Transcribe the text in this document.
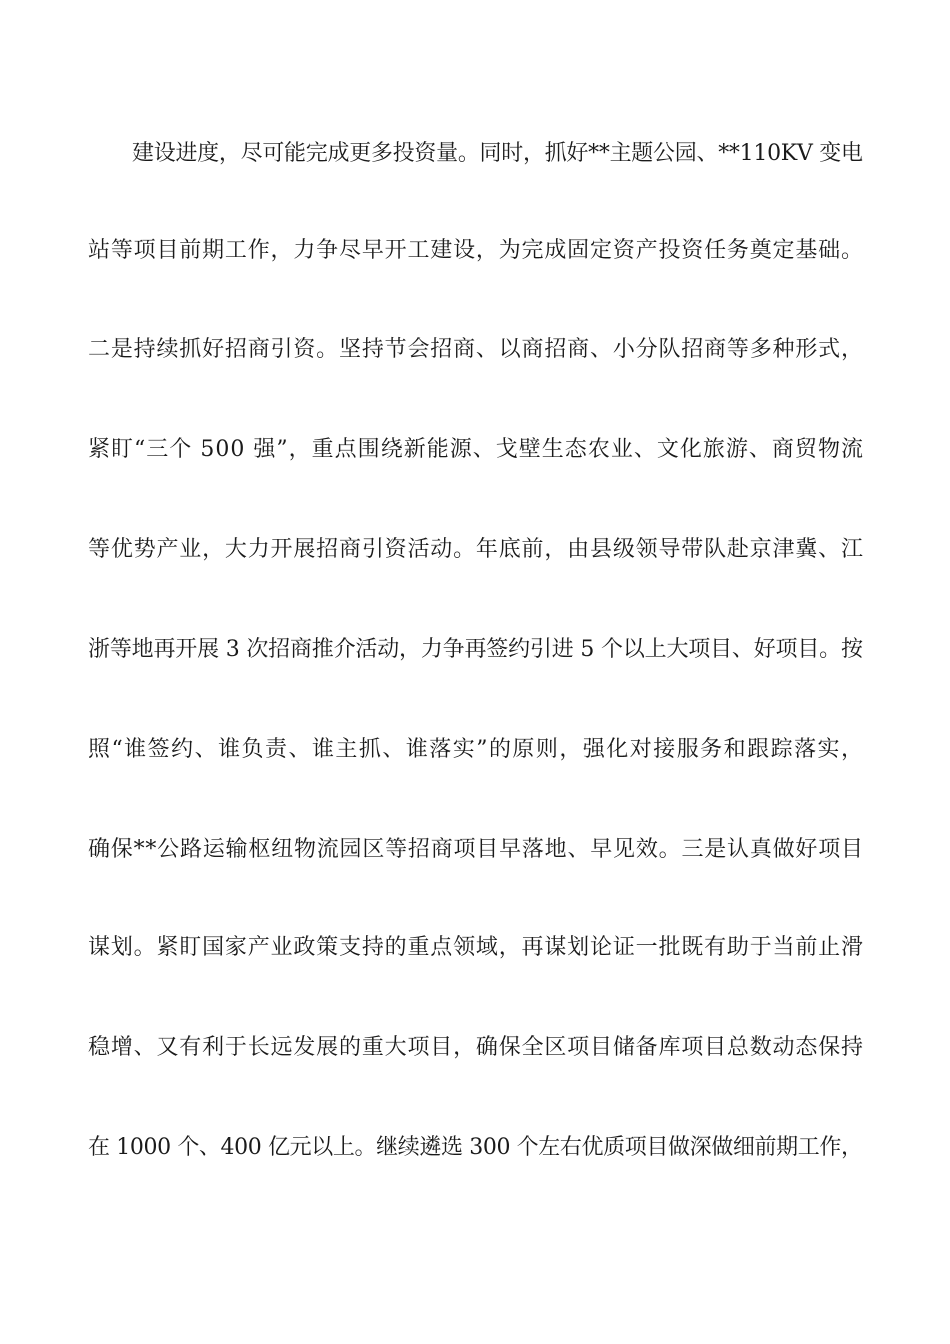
建设进度，尽可能完成更多投资量。同时，抓好**主题公园、**110KV 变电
站等项目前期工作，力争尽早开工建设，为完成固定资产投资任务奠定基础。
二是持续抓好招商引资。坚持节会招商、以商招商、小分队招商等多种形式，
紧盯“三个 500 强”，重点围绕新能源、戈壁生态农业、文化旅游、商贸物流
等优势产业，大力开展招商引资活动。年底前，由县级领导带队赴京津冀、江
浙等地再开展 3 次招商推介活动，力争再签约引进 5 个以上大项目、好项目。按
照“谁签约、谁负责、谁主抓、谁落实”的原则，强化对接服务和跟踪落实，
确保**公路运输枢纽物流园区等招商项目早落地、早见效。三是认真做好项目
谋划。紧盯国家产业政策支持的重点领域，再谋划论证一批既有助于当前止滑
稳增、又有利于长远发展的重大项目，确保全区项目储备库项目总数动态保持
在 1000 个、400 亿元以上。继续遴选 300 个左右优质项目做深做细前期工作，
